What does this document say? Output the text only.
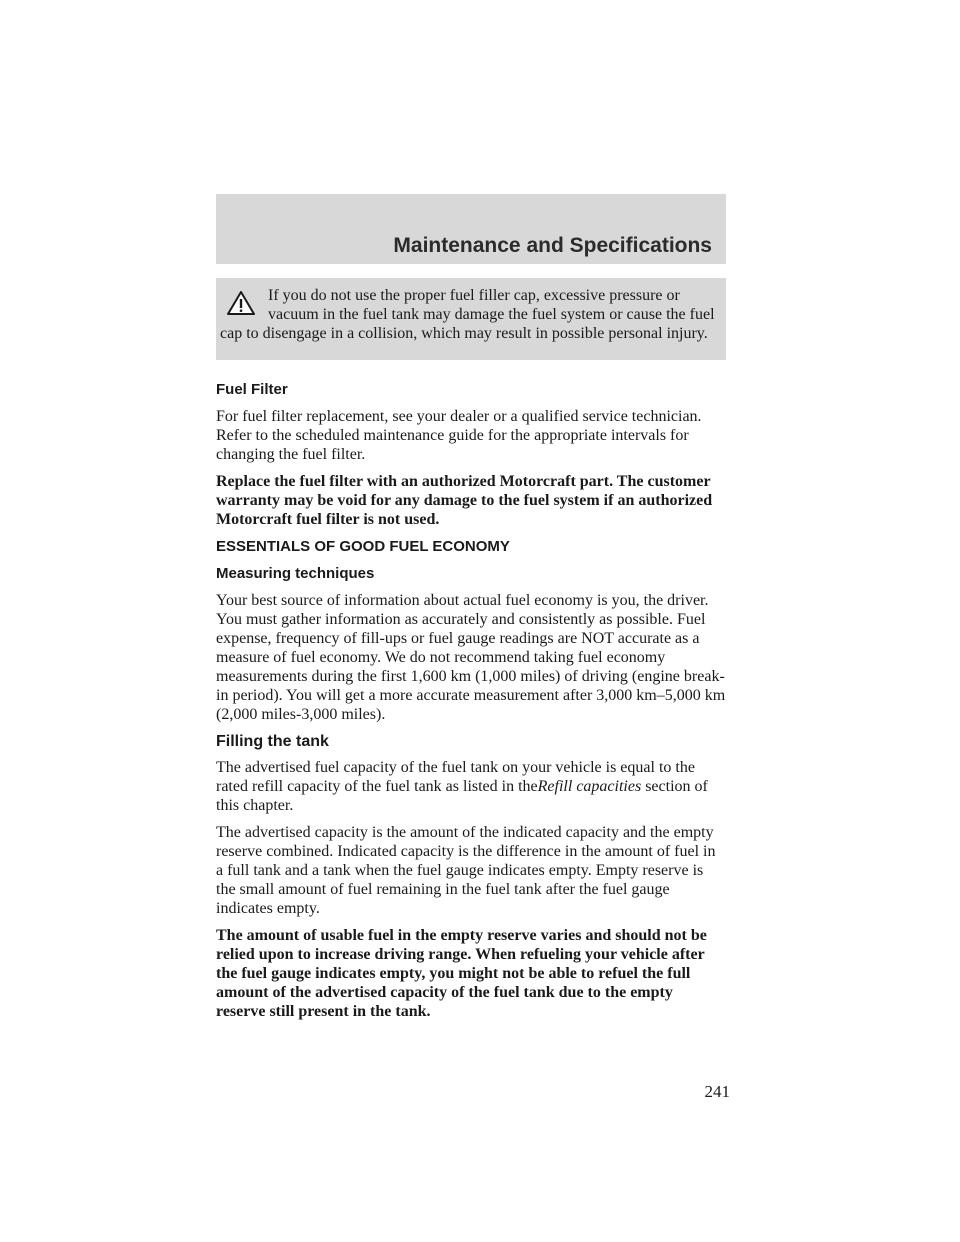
Maintenance and Specifications

If you do not use the proper fuel filler cap, excessive pressure or vacuum in the fuel tank may damage the fuel system or cause the fuel cap to disengage in a collision, which may result in possible personal injury.

Fuel Filter

For fuel filter replacement, see your dealer or a qualified service technician. Refer to the scheduled maintenance guide for the appropriate intervals for changing the fuel filter.

Replace the fuel filter with an authorized Motorcraft part. The customer warranty may be void for any damage to the fuel system if an authorized Motorcraft fuel filter is not used.

ESSENTIALS OF GOOD FUEL ECONOMY
Measuring techniques

Your best source of information about actual fuel economy is you, the driver. You must gather information as accurately and consistently as possible. Fuel expense, frequency of fill-ups or fuel gauge readings are NOT accurate as a measure of fuel economy. We do not recommend taking fuel economy measurements during the first 1,600 km (1,000 miles) of driving (engine break-in period). You will get a more accurate measurement after 3,000 km–5,000 km (2,000 miles-3,000 miles).

Filling the tank

The advertised fuel capacity of the fuel tank on your vehicle is equal to the rated refill capacity of the fuel tank as listed in theRefill capacities section of this chapter.

The advertised capacity is the amount of the indicated capacity and the empty reserve combined. Indicated capacity is the difference in the amount of fuel in a full tank and a tank when the fuel gauge indicates empty. Empty reserve is the small amount of fuel remaining in the fuel tank after the fuel gauge indicates empty.

The amount of usable fuel in the empty reserve varies and should not be relied upon to increase driving range. When refueling your vehicle after the fuel gauge indicates empty, you might not be able to refuel the full amount of the advertised capacity of the fuel tank due to the empty reserve still present in the tank.

241
